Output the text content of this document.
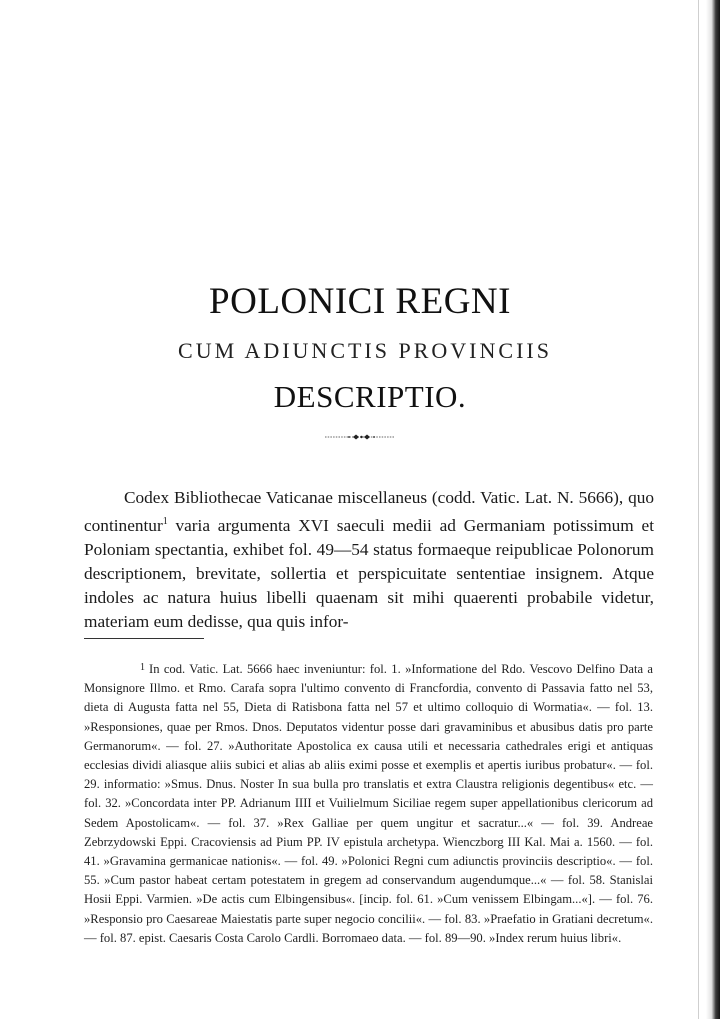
POLONICI REGNI
CUM ADIUNCTIS PROVINCIIS
DESCRIPTIO.
Codex Bibliothecae Vaticanae miscellaneus (codd. Vatic. Lat. N. 5666), quo continentur$^1$ varia argumenta XVI saeculi medii ad Germaniam potissimum et Poloniam spectantia, exhibet fol. 49—54 status formaeque reipublicae Polonorum descriptionem, brevitate, sollertia et perspicuitate sententiae insignem. Atque indoles ac natura huius libelli quaenam sit mihi quaerenti probabile videtur, materiam eum dedisse, qua quis infor-
1 In cod. Vatic. Lat. 5666 haec inveniuntur: fol. 1. »Informatione del Rdo. Vescovo Delfino Data a Monsignore Illmo. et Rmo. Carafa sopra l'ultimo convento di Francfordia, convento di Passavia fatto nel 53, dieta di Augusta fatta nel 55, Dieta di Ratisbona fatta nel 57 et ultimo colloquio di Wormatia«. — fol. 13. »Responsiones, quae per Rmos. Dnos. Deputatos videntur posse dari gravaminibus et abusibus datis pro parte Germanorum«. — fol. 27. »Authoritate Apostolica ex causa utili et necessaria cathedrales erigi et antiquas ecclesias dividi aliasque aliis subici et alias ab aliis eximi posse et exemplis et apertis iuribus probatur«. — fol. 29. informatio: »Smus. Dnus. Noster In sua bulla pro translatis et extra Claustra religionis degentibus« etc. — fol. 32. »Concordata inter PP. Adrianum IIII et Vuilielmum Siciliae regem super appellationibus clericorum ad Sedem Apostolicam«. — fol. 37. »Rex Galliae per quem ungitur et sacratur...« — fol. 39. Andreae Zebrzydowski Eppi. Cracoviensis ad Pium PP. IV epistula archetypa. Wienczborg III Kal. Mai a. 1560. — fol. 41. »Gravamina germanicae nationis«. — fol. 49. »Polonici Regni cum adiunctis provinciis descriptio«. — fol. 55. »Cum pastor habeat certam potestatem in gregem ad conservandum augendumque...« — fol. 58. Stanislai Hosii Eppi. Varmien. »De actis cum Elbingensibus«. [incip. fol. 61. »Cum venissem Elbingam...«]. — fol. 76. »Responsio pro Caesareae Maiestatis parte super negocio concilii«. — fol. 83. »Praefatio in Gratiani decretum«. — fol. 87. epist. Caesaris Costa Carolo Cardli. Borromaeo data. — fol. 89—90. »Index rerum huius libri«.
